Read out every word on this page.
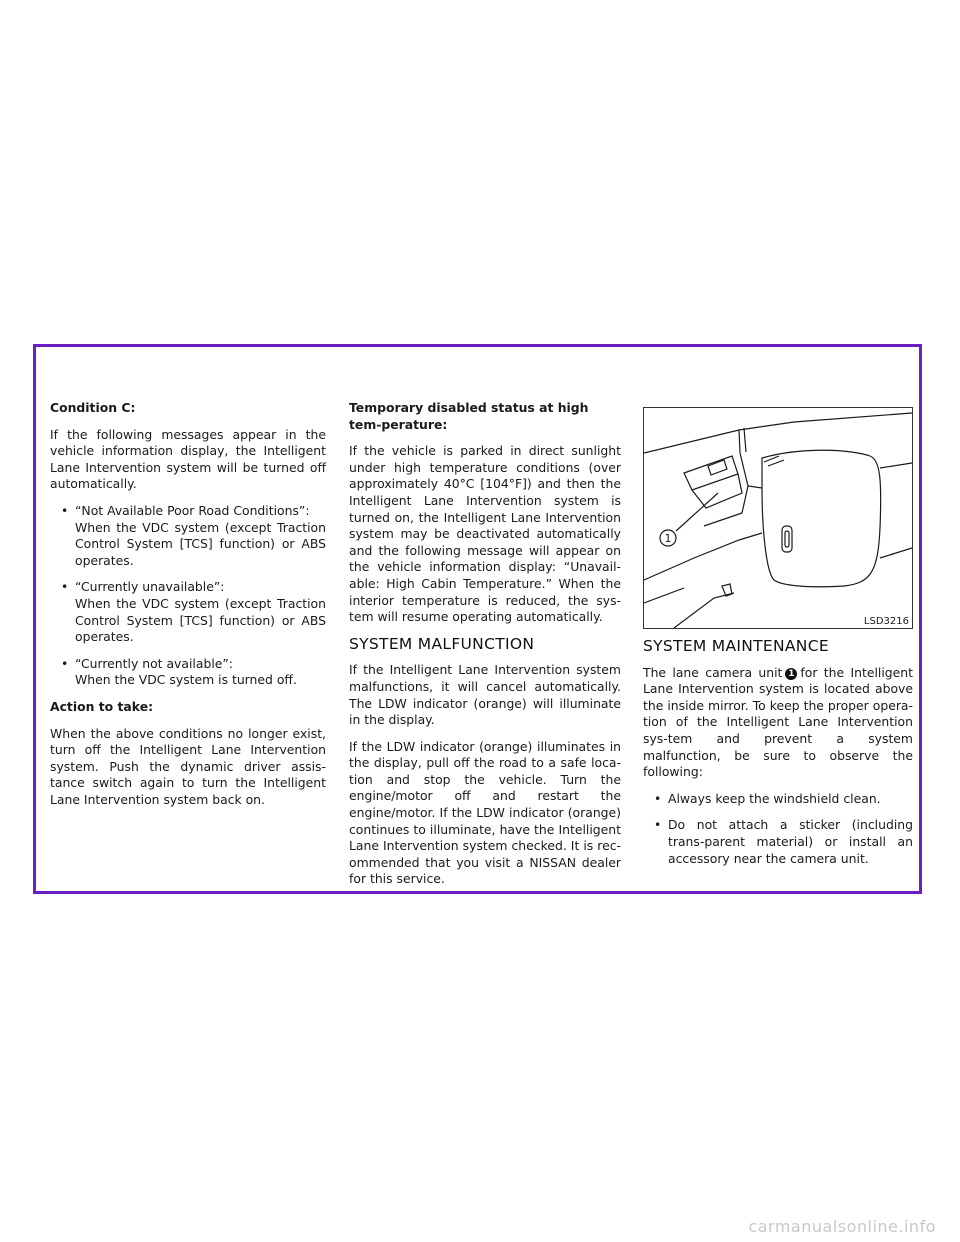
Condition C:

If the following messages appear in the vehicle information display, the Intelligent Lane Intervention system will be turned off automatically.

• “Not Available Poor Road Conditions”:
When the VDC system (except Traction Control System [TCS] function) or ABS operates.
• “Currently unavailable”:
When the VDC system (except Traction Control System [TCS] function) or ABS operates.
• “Currently not available”:
When the VDC system is turned off.
Action to take:

When the above conditions no longer exist, turn off the Intelligent Lane Intervention system. Push the dynamic driver assis-tance switch again to turn the Intelligent Lane Intervention system back on.

Temporary disabled status at high tem-perature:

If the vehicle is parked in direct sunlight under high temperature conditions (over approximately 40°C [104°F]) and then the Intelligent Lane Intervention system is turned on, the Intelligent Lane Intervention system may be deactivated automatically and the following message will appear on the vehicle information display: “Unavail-able: High Cabin Temperature.” When the interior temperature is reduced, the sys-tem will resume operating automatically.

SYSTEM MALFUNCTION

If the Intelligent Lane Intervention system malfunctions, it will cancel automatically. The LDW indicator (orange) will illuminate in the display.

If the LDW indicator (orange) illuminates in the display, pull off the road to a safe loca-tion and stop the vehicle. Turn the engine/motor off and restart the engine/motor. If the LDW indicator (orange) continues to illuminate, have the Intelligent Lane Intervention system checked. It is rec-ommended that you visit a NISSAN dealer for this service.

1
LSD3216
SYSTEM MAINTENANCE

The lane camera unit 1 for the Intelligent Lane Intervention system is located above the inside mirror. To keep the proper opera-tion of the Intelligent Lane Intervention sys-tem and prevent a system malfunction, be sure to observe the following:

• Always keep the windshield clean.
• Do not attach a sticker (including trans-parent material) or install an accessory near the camera unit.
carmanualsonline.info
